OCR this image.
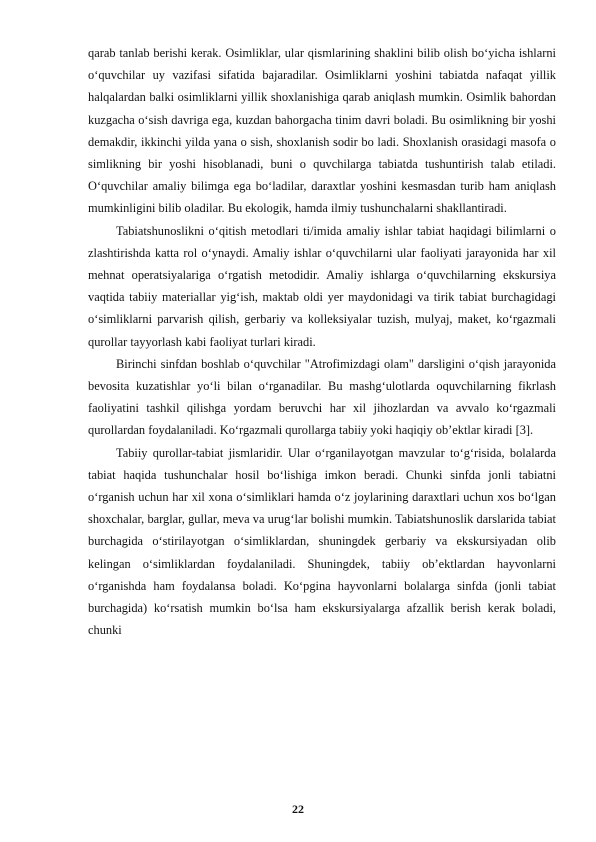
qarab tanlab berishi kerak. Osimliklar, ular qismlarining shaklini bilib olish bo‘yicha ishlarni o‘quvchilar uy vazifasi sifatida bajaradilar. Osimliklarni yoshini tabiatda nafaqat yillik halqalardan balki osimliklarni yillik shoxlanishiga qarab aniqlash mumkin. Osimlik bahordan kuzgacha o‘sish davriga ega, kuzdan bahorgacha tinim davri boladi. Bu osimlikning bir yoshi demakdir, ikkinchi yilda yana o sish, shoxlanish sodir bo ladi. Shoxlanish orasidagi masofa o simlikning bir yoshi hisoblanadi, buni o quvchilarga tabiatda tushuntirish talab etiladi. O‘quvchilar amaliy bilimga ega bo‘ladilar, daraxtlar yoshini kesmasdan turib ham aniqlash mumkinligini bilib oladilar. Bu ekologik, hamda ilmiy tushunchalarni shakllantiradi.

Tabiatshunoslikni o‘qitish metodlari ti/imida amaliy ishlar tabiat haqidagi bilimlarni o zlashtirishda katta rol o‘ynaydi. Amaliy ishlar o‘quvchilarni ular faoliyati jarayonida har xil mehnat operatsiyalariga o‘rgatish metodidir. Amaliy ishlarga o‘quvchilarning ekskursiya vaqtida tabiiy materiallar yig‘ish, maktab oldi yer maydonidagi va tirik tabiat burchagidagi o‘simliklarni parvarish qilish, gerbariy va kolleksiyalar tuzish, mulyaj, maket, ko‘rgazmali qurollar tayyorlash kabi faoliyat turlari kiradi.

Birinchi sinfdan boshlab o‘quvchilar "Atrofimizdagi olam" darsligini o‘qish jarayonida bevosita kuzatishlar yo‘li bilan o‘rganadilar. Bu mashg‘ulotlarda oquvchilarning fikrlash faoliyatini tashkil qilishga yordam beruvchi har xil jihozlardan va avvalo ko‘rgazmali qurollardan foydalaniladi. Ko‘rgazmali qurollarga tabiiy yoki haqiqiy ob’ektlar kiradi [3].

Tabiiy qurollar-tabiat jismlaridir. Ular o‘rganilayotgan mavzular to‘g‘risida, bolalarda tabiat haqida tushunchalar hosil bo‘lishiga imkon beradi. Chunki sinfda jonli tabiatni o‘rganish uchun har xil xona o‘simliklari hamda o‘z joylarining daraxtlari uchun xos bo‘lgan shoxchalar, barglar, gullar, meva va urug‘lar bolishi mumkin. Tabiatshunoslik darslarida tabiat burchagida o‘stirilayotgan o‘simliklardan, shuningdek gerbariy va ekskursiyadan olib kelingan o‘simliklardan foydalaniladi. Shuningdek, tabiiy ob’ektlardan hayvonlarni o‘rganishda ham foydalansa boladi. Ko‘pgina hayvonlarni bolalarga sinfda (jonli tabiat burchagida) ko‘rsatish mumkin bo‘lsa ham ekskursiyalarga afzallik berish kerak boladi, chunki

22
